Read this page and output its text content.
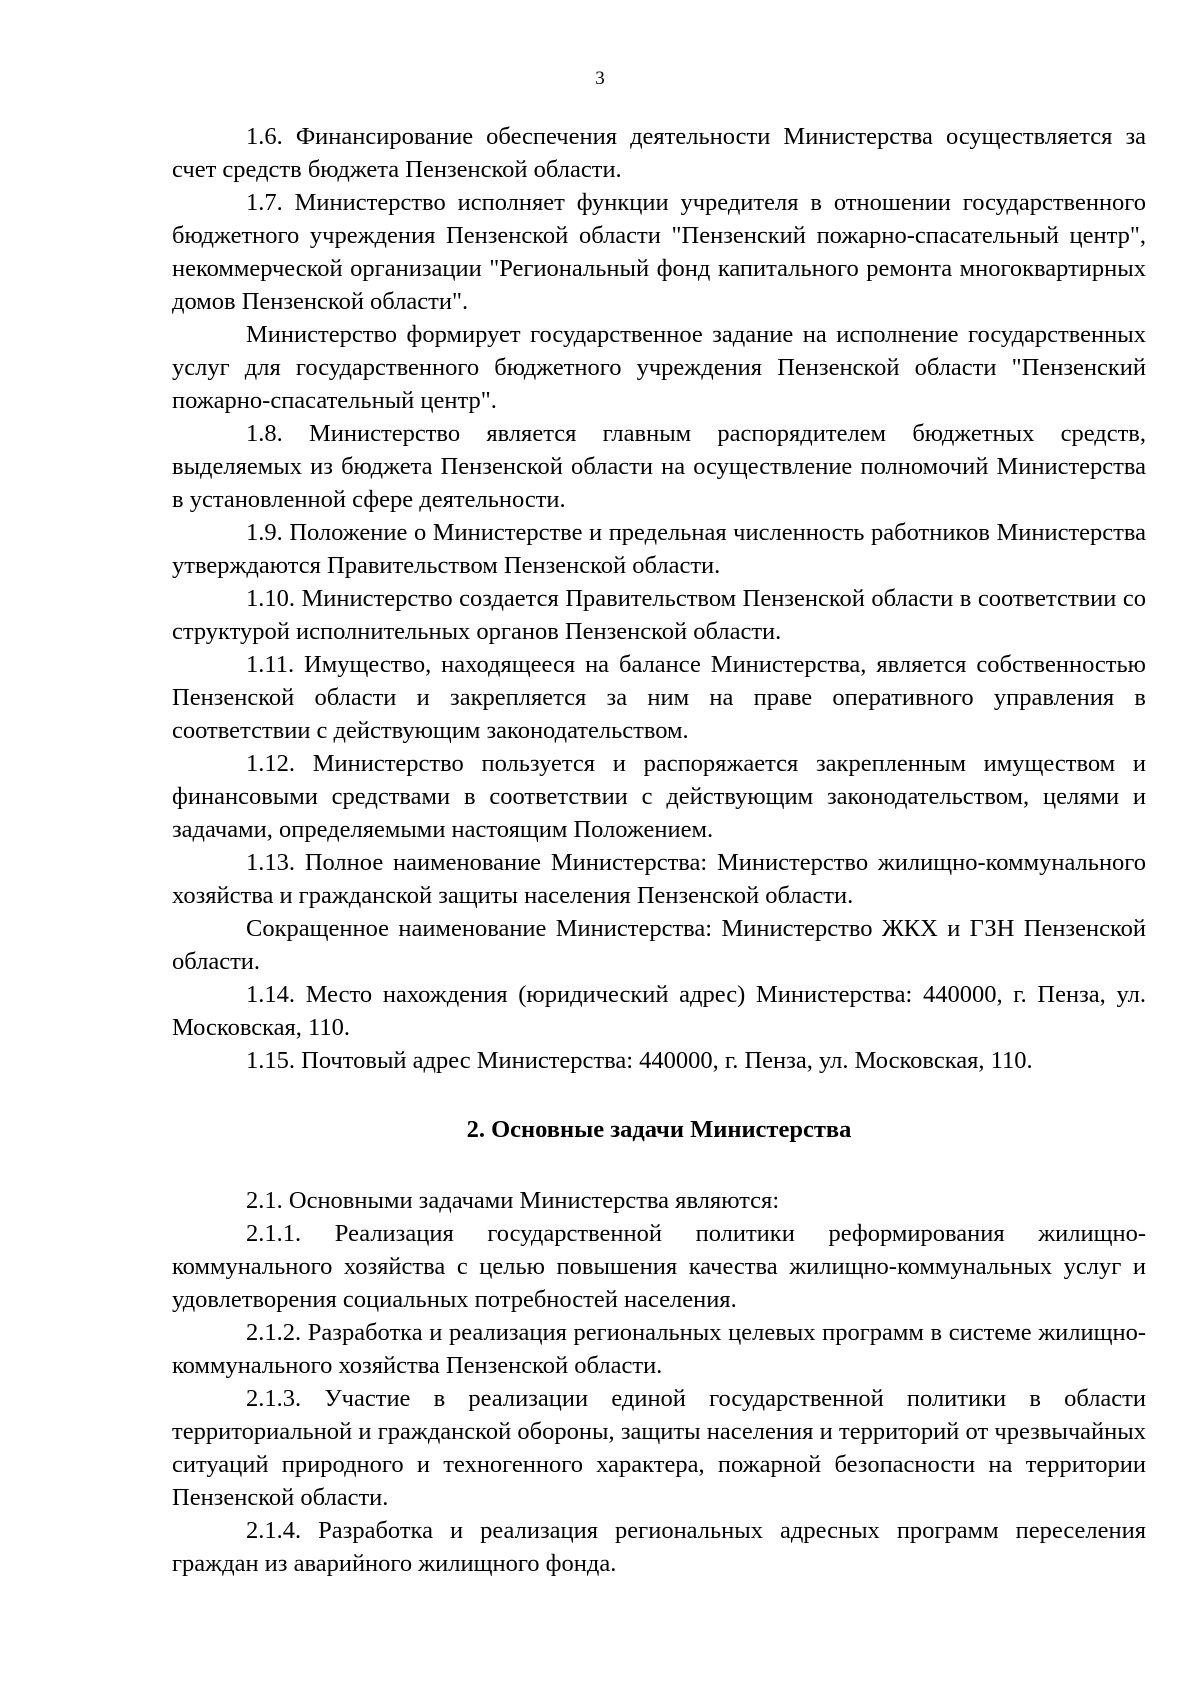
3

1.6. Финансирование обеспечения деятельности Министерства осуществляется за счет средств бюджета Пензенской области.

1.7. Министерство исполняет функции учредителя в отношении государственного бюджетного учреждения Пензенской области "Пензенский пожарно-спасательный центр", некоммерческой организации "Региональный фонд капитального ремонта многоквартирных домов Пензенской области".

Министерство формирует государственное задание на исполнение государственных услуг для государственного бюджетного учреждения Пензенской области "Пензенский пожарно-спасательный центр".

1.8. Министерство является главным распорядителем бюджетных средств, выделяемых из бюджета Пензенской области на осуществление полномочий Министерства в установленной сфере деятельности.

1.9. Положение о Министерстве и предельная численность работников Министерства утверждаются Правительством Пензенской области.

1.10. Министерство создается Правительством Пензенской области в соответствии со структурой исполнительных органов Пензенской области.

1.11. Имущество, находящееся на балансе Министерства, является собственностью Пензенской области и закрепляется за ним на праве оперативного управления в соответствии с действующим законодательством.

1.12. Министерство пользуется и распоряжается закрепленным имуществом и финансовыми средствами в соответствии с действующим законодательством, целями и задачами, определяемыми настоящим Положением.

1.13. Полное наименование Министерства: Министерство жилищно-коммунального хозяйства и гражданской защиты населения Пензенской области.

Сокращенное наименование Министерства: Министерство ЖКХ и ГЗН Пензенской области.

1.14. Место нахождения (юридический адрес) Министерства: 440000, г. Пенза, ул. Московская, 110.

1.15. Почтовый адрес Министерства: 440000, г. Пенза, ул. Московская, 110.

2. Основные задачи Министерства

2.1. Основными задачами Министерства являются:

2.1.1. Реализация государственной политики реформирования жилищно-коммунального хозяйства с целью повышения качества жилищно-коммунальных услуг и удовлетворения социальных потребностей населения.

2.1.2. Разработка и реализация региональных целевых программ в системе жилищно-коммунального хозяйства Пензенской области.

2.1.3. Участие в реализации единой государственной политики в области территориальной и гражданской обороны, защиты населения и территорий от чрезвычайных ситуаций природного и техногенного характера, пожарной безопасности на территории Пензенской области.

2.1.4. Разработка и реализация региональных адресных программ переселения граждан из аварийного жилищного фонда.
